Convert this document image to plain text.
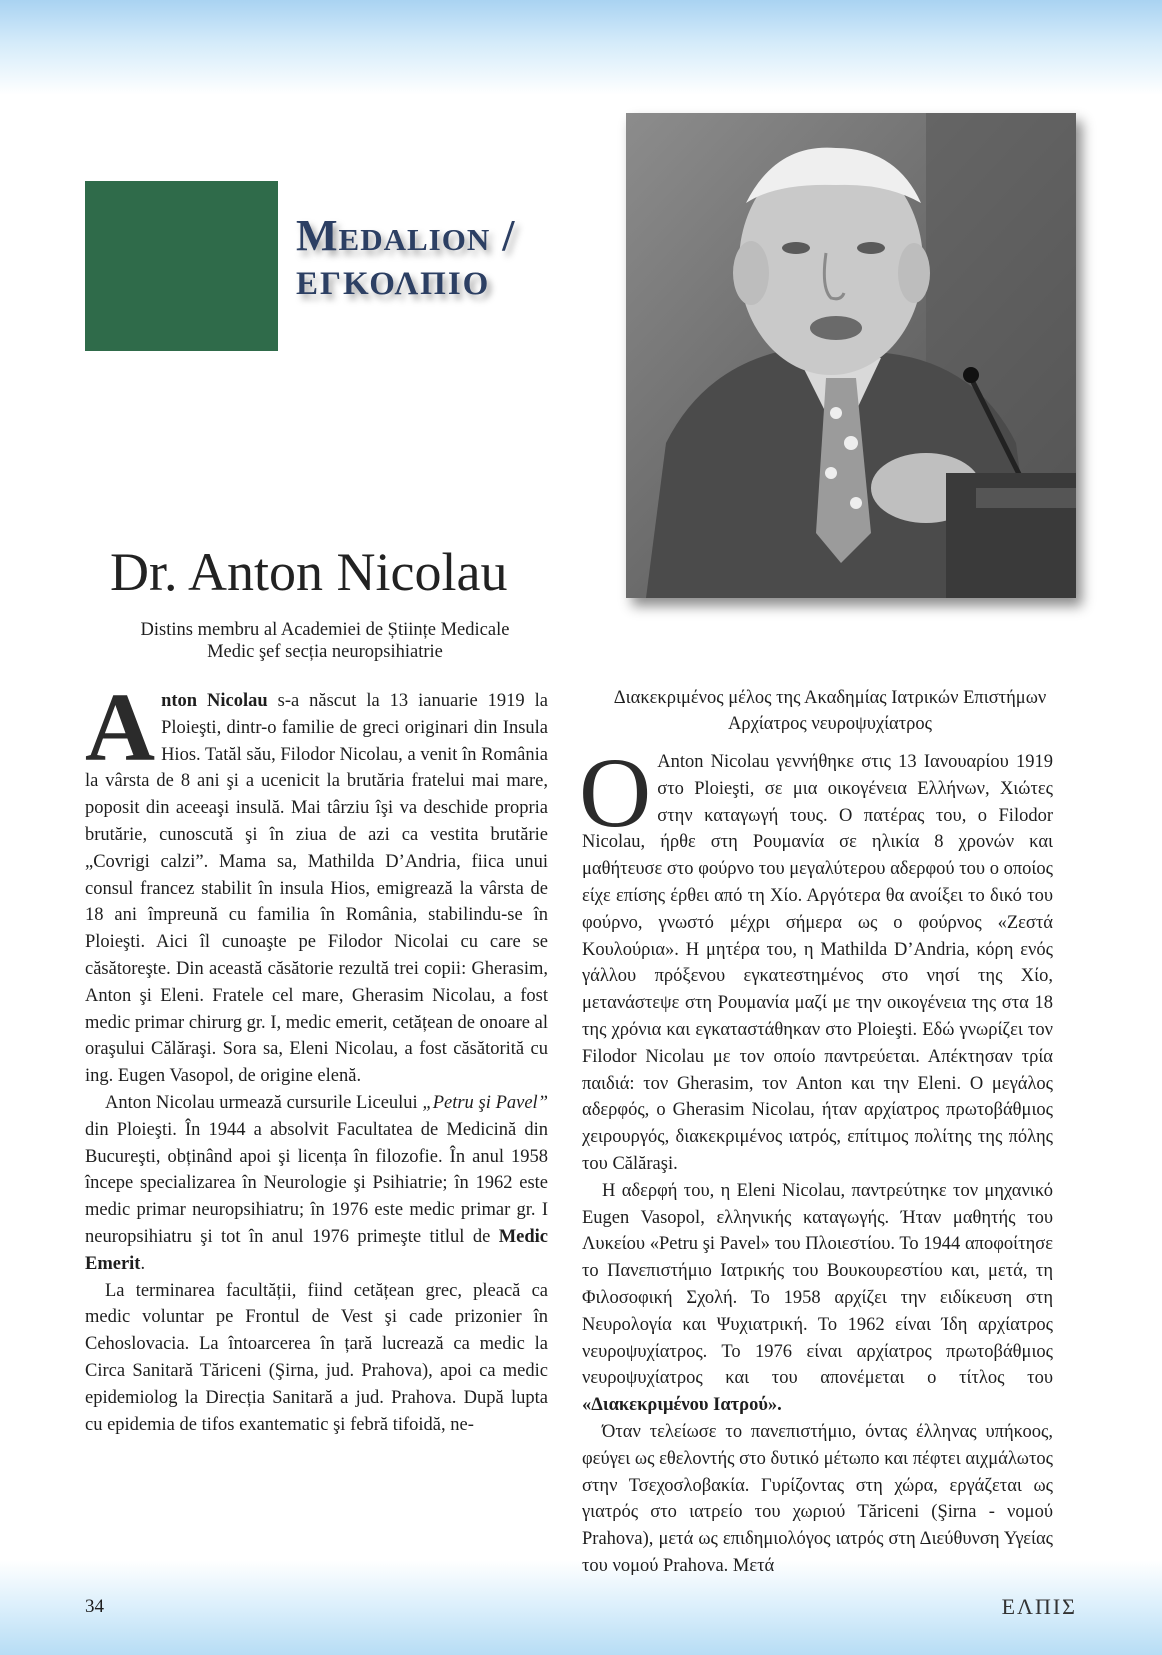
Medalion /
ΕΓΚΟΛΠΙΟ
Dr. Anton Nicolau
Distins membru al Academiei de Științe Medicale
Medic şef secția neuropsihiatrie
Διακεκριμένος μέλος της Ακαδημίας Ιατρικών Επιστήμων
Αρχίατρος νευροψυχίατρος

Anton Nicolau s-a născut la 13 ianuarie 1919 la Ploieşti, dintr-o familie de greci originari din Insula Hios. Tatăl său, Filodor Nicolau, a venit în România la vârsta de 8 ani şi a ucenicit la brutăria fratelui mai mare, poposit din aceeaşi insulă. Mai târziu îşi va deschide propria brutărie, cunoscută şi în ziua de azi ca vestita brutărie „Covrigi calzi”. Mama sa, Mathilda D’Andria, fiica unui consul francez stabilit în insula Hios, emigrează la vârsta de 18 ani împreună cu familia în România, stabilindu-se în Ploieşti. Aici îl cunoaşte pe Filodor Nicolai cu care se căsătoreşte. Din această căsătorie rezultă trei copii: Gherasim, Anton şi Eleni. Fratele cel mare, Gherasim Nicolau, a fost medic primar chirurg gr. I, medic emerit, cetățean de onoare al oraşului Călăraşi. Sora sa, Eleni Nicolau, a fost căsătorită cu ing. Eugen Vasopol, de origine elenă.

Anton Nicolau urmează cursurile Liceului „Petru şi Pavel” din Ploieşti. În 1944 a absolvit Facultatea de Medicină din Bucureşti, obținând apoi şi licența în filozofie. În anul 1958 începe specializarea în Neurologie şi Psihiatrie; în 1962 este medic primar neuropsihiatru; în 1976 este medic primar gr. I neuropsihiatru şi tot în anul 1976 primeşte titlul de Medic Emerit.

La terminarea facultății, fiind cetățean grec, pleacă ca medic voluntar pe Frontul de Vest şi cade prizonier în Cehoslovacia. La întoarcerea în țară lucrează ca medic la Circa Sanitară Tăriceni (Şirna, jud. Prahova), apoi ca medic epidemiolog la Direcția Sanitară a jud. Prahova. După lupta cu epidemia de tifos exantematic şi febră tifoidă, ne-

O Anton Nicolau γεννήθηκε στις 13 Ιανουαρίου 1919 στο Ploieşti, σε μια οικογένεια Ελλήνων, Χιώτες στην καταγωγή τους. Ο πατέρας του, ο Filodor Nicolau, ήρθε στη Ρουμανία σε ηλικία 8 χρονών και μαθήτευσε στο φούρνο του μεγαλύτερου αδερφού του ο οποίος είχε επίσης έρθει από τη Χίο. Αργότερα θα ανοίξει το δικό του φούρνο, γνωστό μέχρι σήμερα ως ο φούρνος «Ζεστά Κουλούρια». Η μητέρα του, η Mathilda D’Andria, κόρη ενός γάλλου πρόξενου εγκατεστημένος στο νησί της Χίο, μετανάστεψε στη Ρουμανία μαζί με την οικογένεια της στα 18 της χρόνια και εγκαταστάθηκαν στο Ploieşti. Εδώ γνωρίζει τον Filodor Nicolau με τον οποίο παντρεύεται. Απέκτησαν τρία παιδιά: τον Gherasim, τον Anton και την Eleni. Ο μεγάλος αδερφός, ο Gherasim Nicolau, ήταν αρχίατρος πρωτοβάθμιος χειρουργός, διακεκριμένος ιατρός, επίτιμος πολίτης της πόλης του Călăraşi.

Η αδερφή του, η Eleni Nicolau, παντρεύτηκε τον μηχανικό Eugen Vasopol, ελληνικής καταγωγής. Ήταν μαθητής του Λυκείου «Petru şi Pavel» του Πλοιεστίου. Το 1944 αποφοίτησε το Πανεπιστήμιο Ιατρικής του Βουκουρεστίου και, μετά, τη Φιλοσοφική Σχολή. Το 1958 αρχίζει την ειδίκευση στη Νευρολογία και Ψυχιατρική. Το 1962 είναι Ίδη αρχίατρος νευροψυχίατρος. Το 1976 είναι αρχίατρος πρωτοβάθμιος νευροψυχίατρος και του απονέμεται ο τίτλος του «Διακεκριμένου Ιατρού».

Όταν τελείωσε το πανεπιστήμιο, όντας έλληνας υπήκοος, φεύγει ως εθελοντής στο δυτικό μέτωπο και πέφτει αιχμάλωτος στην Τσεχοσλοβακία. Γυρίζοντας στη χώρα, εργάζεται ως γιατρός στο ιατρείο του χωριού Tăriceni (Şirna - νομού Prahova), μετά ως επιδημιολόγος ιατρός στη Διεύθυνση Υγείας του νομού Prahova. Μετά

34	ΕΛΠΙΣ
